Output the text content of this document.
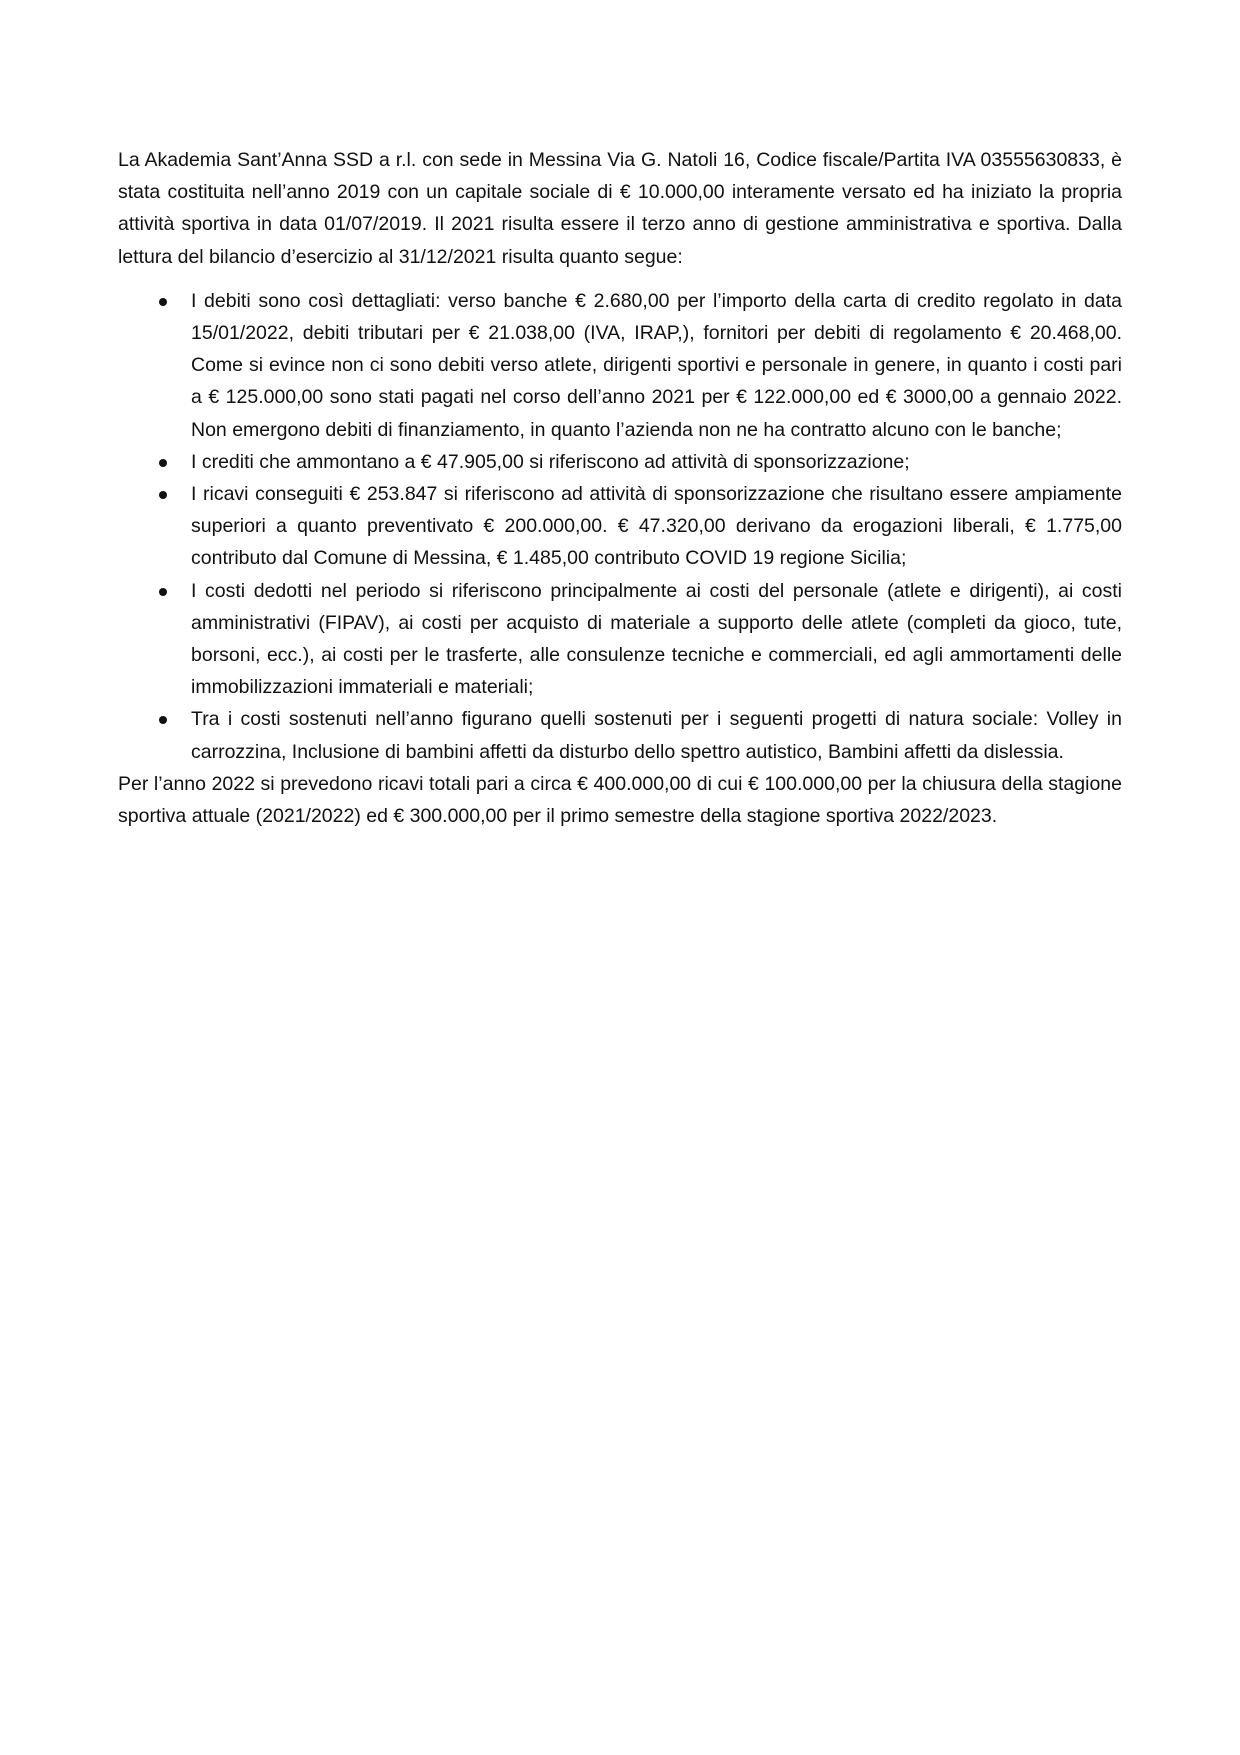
La Akademia Sant’Anna SSD a r.l. con sede in Messina Via G. Natoli 16, Codice fiscale/Partita IVA 03555630833, è stata costituita nell’anno 2019 con un capitale sociale di € 10.000,00 interamente versato ed ha iniziato la propria attività sportiva in data 01/07/2019. Il 2021 risulta essere il terzo anno di gestione amministrativa e sportiva. Dalla lettura del bilancio d’esercizio al 31/12/2021 risulta quanto segue:

I debiti sono così dettagliati: verso banche € 2.680,00 per l’importo della carta di credito regolato in data 15/01/2022, debiti tributari per € 21.038,00 (IVA, IRAP,), fornitori per debiti di regolamento € 20.468,00. Come si evince non ci sono debiti verso atlete, dirigenti sportivi e personale in genere, in quanto i costi pari a € 125.000,00 sono stati pagati nel corso dell’anno 2021 per € 122.000,00 ed € 3000,00 a gennaio 2022. Non emergono debiti di finanziamento, in quanto l’azienda non ne ha contratto alcuno con le banche;
I crediti che ammontano a € 47.905,00 si riferiscono ad attività di sponsorizzazione;
I ricavi conseguiti € 253.847 si riferiscono ad attività di sponsorizzazione che risultano essere ampiamente superiori a quanto preventivato € 200.000,00. € 47.320,00 derivano da erogazioni liberali, € 1.775,00 contributo dal Comune di Messina, € 1.485,00 contributo COVID 19 regione Sicilia;
I costi dedotti nel periodo si riferiscono principalmente ai costi del personale (atlete e dirigenti), ai costi amministrativi (FIPAV), ai costi per acquisto di materiale a supporto delle atlete (completi da gioco, tute, borsoni, ecc.), ai costi per le trasferte, alle consulenze tecniche e commerciali, ed agli ammortamenti delle immobilizzazioni immateriali e materiali;
Tra i costi sostenuti nell’anno figurano quelli sostenuti per i seguenti progetti di natura sociale: Volley in carrozzina, Inclusione di bambini affetti da disturbo dello spettro autistico, Bambini affetti da dislessia.

Per l’anno 2022 si prevedono ricavi totali pari a circa € 400.000,00 di cui € 100.000,00 per la chiusura della stagione sportiva attuale (2021/2022) ed € 300.000,00 per il primo semestre della stagione sportiva 2022/2023.
